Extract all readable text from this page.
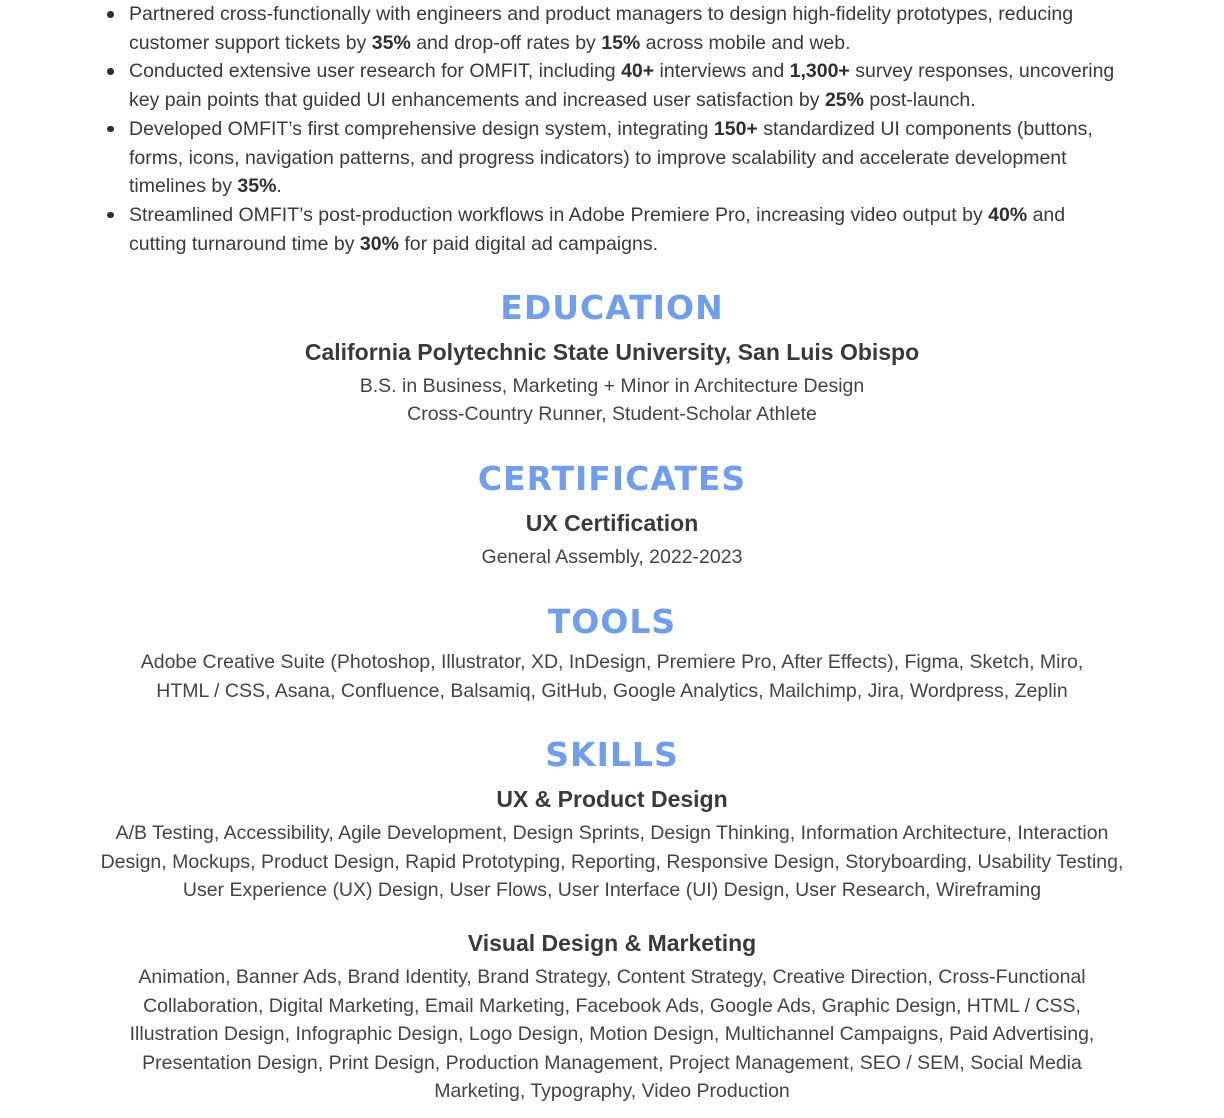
Partnered cross-functionally with engineers and product managers to design high-fidelity prototypes, reducing customer support tickets by 35% and drop-off rates by 15% across mobile and web.
Conducted extensive user research for OMFIT, including 40+ interviews and 1,300+ survey responses, uncovering key pain points that guided UI enhancements and increased user satisfaction by 25% post-launch.
Developed OMFIT’s first comprehensive design system, integrating 150+ standardized UI components (buttons, forms, icons, navigation patterns, and progress indicators) to improve scalability and accelerate development timelines by 35%.
Streamlined OMFIT’s post-production workflows in Adobe Premiere Pro, increasing video output by 40% and cutting turnaround time by 30% for paid digital ad campaigns.
EDUCATION

California Polytechnic State University, San Luis Obispo

B.S. in Business, Marketing + Minor in Architecture Design

Cross-Country Runner, Student-Scholar Athlete

CERTIFICATES

UX Certification

General Assembly, 2022-2023

TOOLS

Adobe Creative Suite (Photoshop, Illustrator, XD, InDesign, Premiere Pro, After Effects), Figma, Sketch, Miro, HTML / CSS, Asana, Confluence, Balsamiq, GitHub, Google Analytics, Mailchimp, Jira, Wordpress, Zeplin

SKILLS

UX & Product Design

A/B Testing, Accessibility, Agile Development, Design Sprints, Design Thinking, Information Architecture, Interaction Design, Mockups, Product Design, Rapid Prototyping, Reporting, Responsive Design, Storyboarding, Usability Testing, User Experience (UX) Design, User Flows, User Interface (UI) Design, User Research, Wireframing

Visual Design & Marketing

Animation, Banner Ads, Brand Identity, Brand Strategy, Content Strategy, Creative Direction, Cross-Functional Collaboration, Digital Marketing, Email Marketing, Facebook Ads, Google Ads, Graphic Design, HTML / CSS, Illustration Design, Infographic Design, Logo Design, Motion Design, Multichannel Campaigns, Paid Advertising, Presentation Design, Print Design, Production Management, Project Management, SEO / SEM, Social Media Marketing, Typography, Video Production
